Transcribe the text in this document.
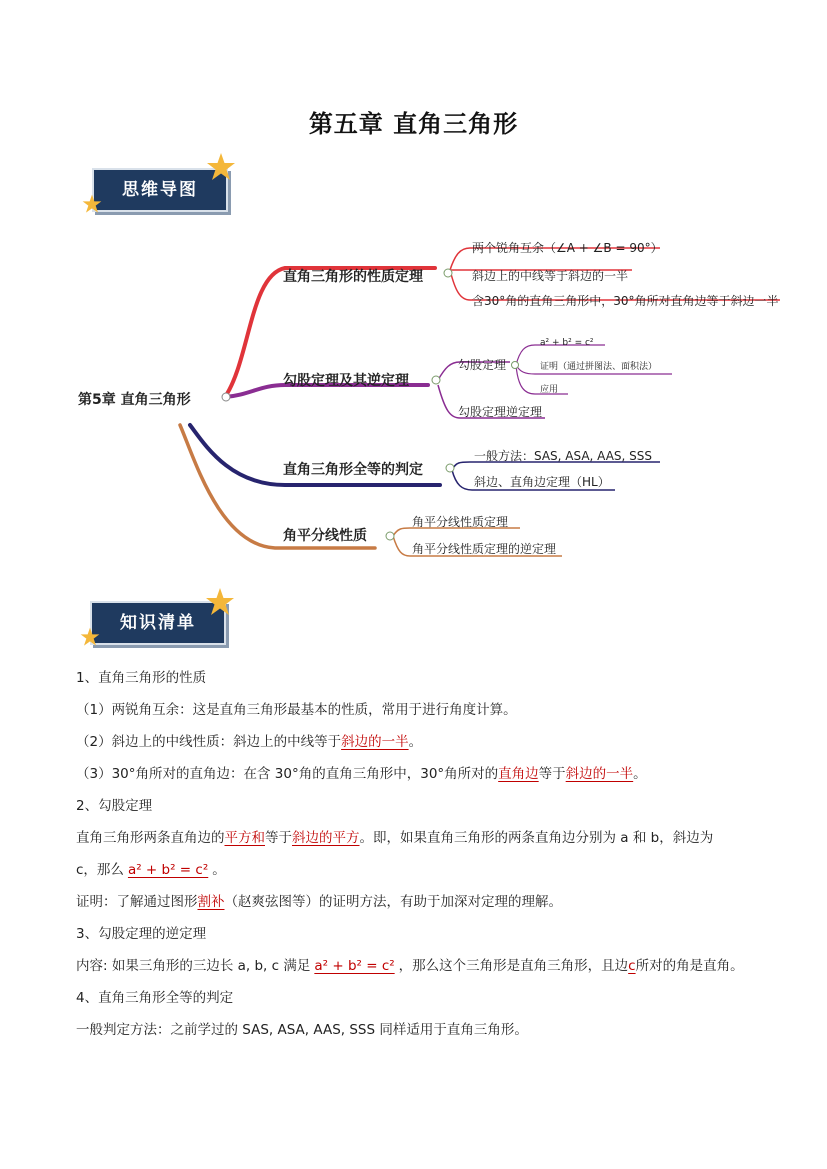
第五章 直角三角形
思维导图
第5章 直角三角形
直角三角形的性质定理
两个锐角互余（∠A + ∠B = 90°）
斜边上的中线等于斜边的一半
含30°角的直角三角形中，30°角所对直角边等于斜边一半
勾股定理及其逆定理
勾股定理
勾股定理逆定理
a² + b² = c²
证明（通过拼图法、面积法）
应用
直角三角形全等的判定
一般方法：SAS, ASA, AAS, SSS
斜边、直角边定理（HL）
角平分线性质
角平分线性质定理
角平分线性质定理的逆定理
知识清单

1、直角三角形的性质

（1）两锐角互余：这是直角三角形最基本的性质，常用于进行角度计算。

（2）斜边上的中线性质：斜边上的中线等于斜边的一半。

（3）30°角所对的直角边：在含 30°角的直角三角形中，30°角所对的直角边等于斜边的一半。

2、勾股定理

直角三角形两条直角边的平方和等于斜边的平方。即，如果直角三角形的两条直角边分别为 a 和 b，斜边为

c，那么 a² + b² = c² 。

证明：了解通过图形割补（赵爽弦图等）的证明方法，有助于加深对定理的理解。

3、勾股定理的逆定理

内容: 如果三角形的三边长 a, b, c 满足 a² + b² = c² ，那么这个三角形是直角三角形，且边c所对的角是直角。

4、直角三角形全等的判定

一般判定方法：之前学过的 SAS, ASA, AAS, SSS 同样适用于直角三角形。
